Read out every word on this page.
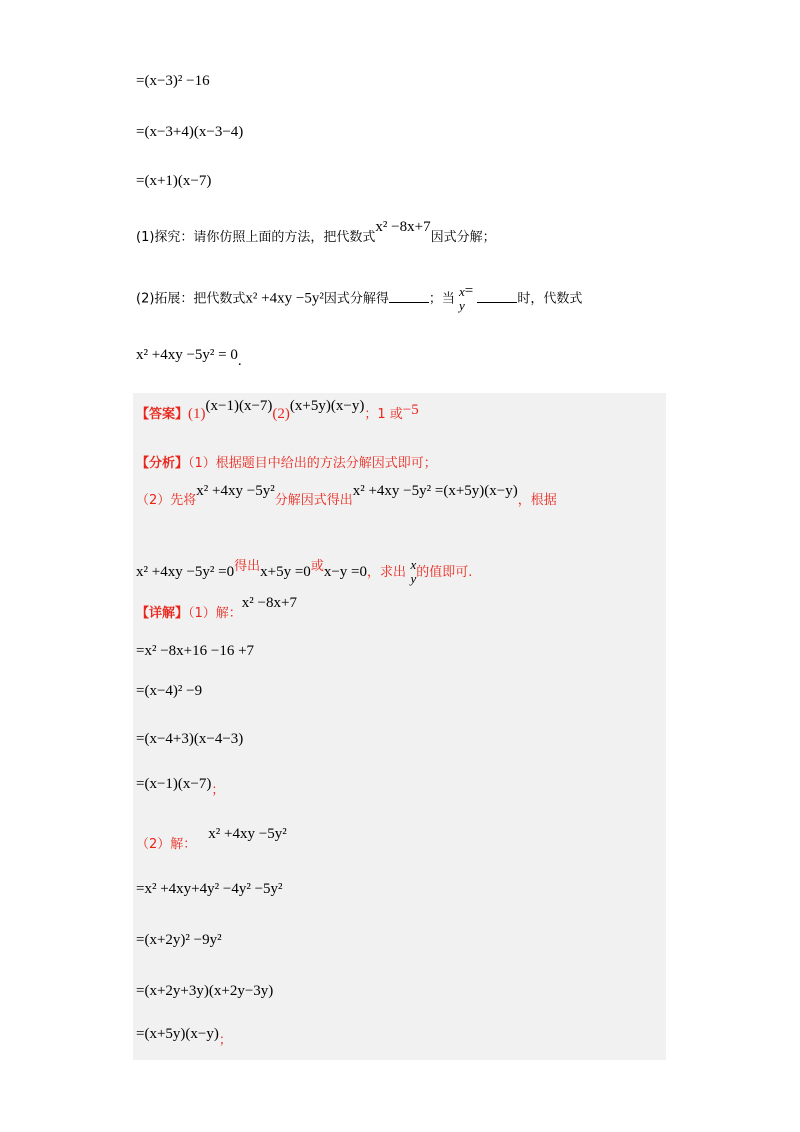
=(x−3)² −16
=(x−3+4)(x−3−4)
=(x+1)(x−7)
(1)探究：请你仿照上面的方法，把代数式x² −8x+7因式分解；
(2)拓展：把代数式x² +4xy −5y²因式分解得	；当 x
y
= 时，代数式
x² +4xy −5y² = 0.
【答案】(1)(x−1)(x−7)(2)(x+5y)(x−y)；1 或−5
【分析】（1）根据题目中给出的方法分解因式即可；
（2）先将x² +4xy −5y²分解因式得出x² +4xy −5y² =(x+5y)(x−y)，根据
x² +4xy −5y² =0得出x+5y =0或x−y =0，求出
x
y 的值即可.
【详解】（1）解：x² −8x+7
=x² −8x+16 −16 +7
=(x−4)² −9
=(x−4+3)(x−4−3)
=(x−1)(x−7)；
（2）解：x² +4xy −5y²
=x² +4xy+4y² −4y² −5y²
=(x+2y)² −9y²
=(x+2y+3y)(x+2y−3y)
=(x+5y)(x−y)；
